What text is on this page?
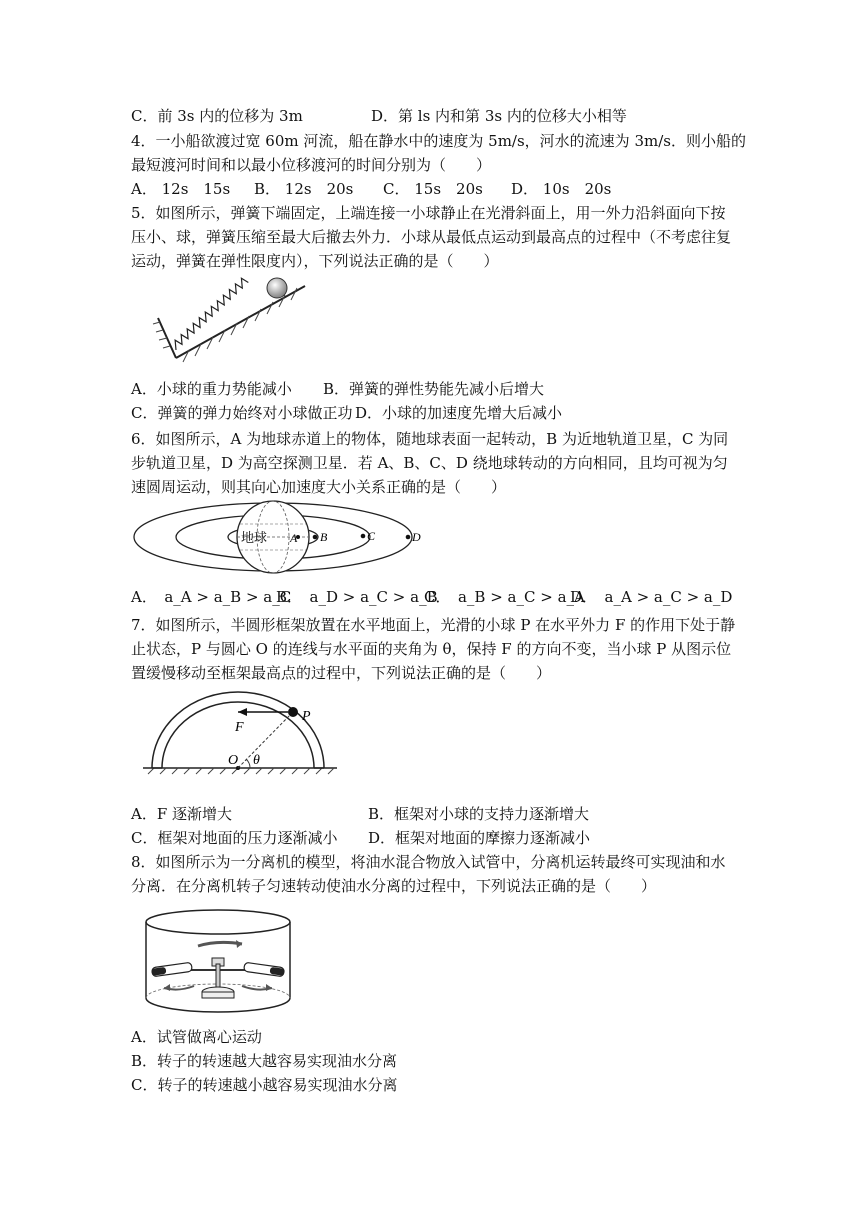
C．前 3s 内的位移为 3m	D．第 ls 内和第 3s 内的位移大小相等
4．一小船欲渡过宽 60m 河流，船在静水中的速度为 5m/s，河水的流速为 3m/s．则小船的
最短渡河时间和以最小位移渡河的时间分别为（　　）
A． 12s　15s B． 12s　20s C． 15s　20s D． 10s　20s
5．如图所示，弹簧下端固定，上端连接一小球静止在光滑斜面上，用一外力沿斜面向下按
压小、球，弹簧压缩至最大后撤去外力．小球从最低点运动到最高点的过程中（不考虑往复
运动，弹簧在弹性限度内），下列说法正确的是（　　）
A．小球的重力势能减小 B．弹簧的弹性势能先减小后增大
C．弹簧的弹力始终对小球做正功 D．小球的加速度先增大后减小
6．如图所示，A 为地球赤道上的物体，随地球表面一起转动，B 为近地轨道卫星，C 为同
步轨道卫星，D 为高空探测卫星．若 A、B、C、D 绕地球转动的方向相同，且均可视为匀
速圆周运动，则其向心加速度大小关系正确的是（　　）
地球 A B	C	D
A．　a_A > a_B > a_C
B．　a_D > a_C > a_B
C．　a_B > a_C > a_A
D．　a_A > a_C > a_D
7．如图所示，半圆形框架放置在水平地面上，光滑的小球 P 在水平外力 F 的作用下处于静
止状态，P 与圆心 O 的连线与水平面的夹角为 θ，保持 F 的方向不变，当小球 P 从图示位
置缓慢移动至框架最高点的过程中，下列说法正确的是（　　）
O θ
P
F
A．F 逐渐增大	B．框架对小球的支持力逐渐增大
C．框架对地面的压力逐渐减小 D．框架对地面的摩擦力逐渐减小
8．如图所示为一分离机的模型，将油水混合物放入试管中，分离机运转最终可实现油和水
分离．在分离机转子匀速转动使油水分离的过程中，下列说法正确的是（　　）
A．试管做离心运动
B．转子的转速越大越容易实现油水分离
C．转子的转速越小越容易实现油水分离
